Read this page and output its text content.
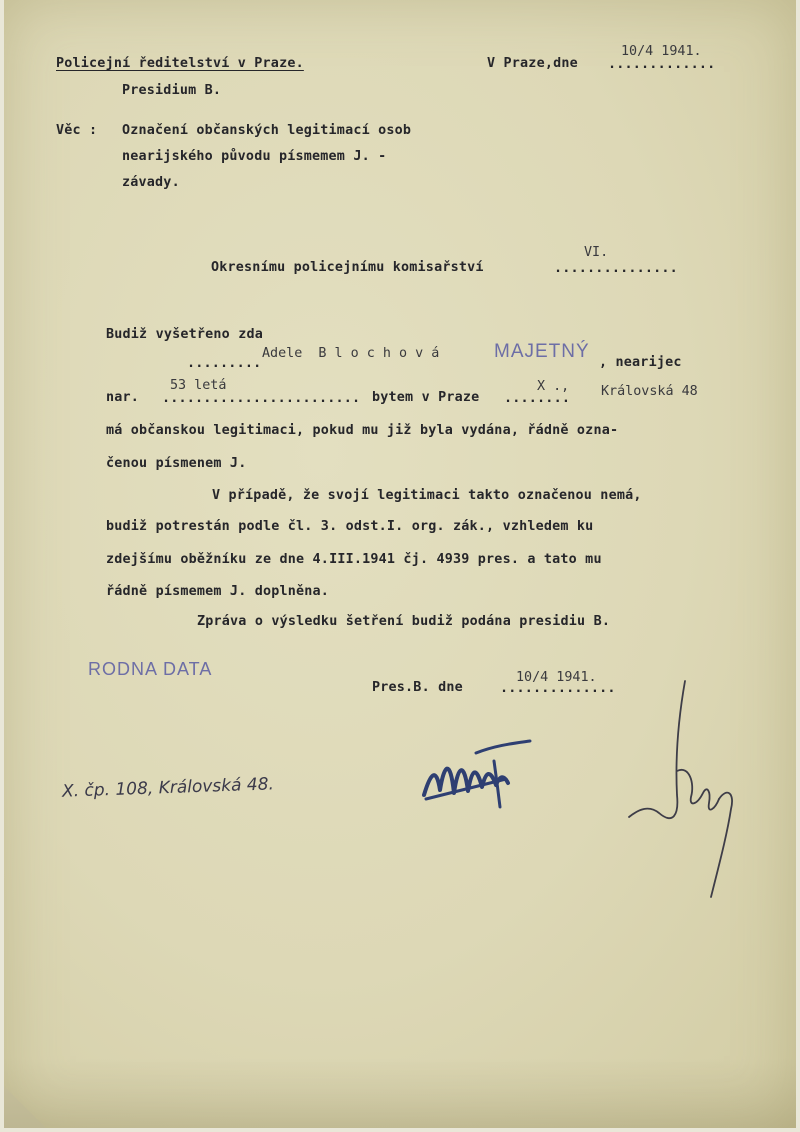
Policejní ředitelství v Praze.
Presidium B.
V Praze,dne .............
10/4 1941.
Věc : Označení občanských legitimací osob
nearijského původu písmemem J. -
závady.
VI.
Okresnímu policejnímu komisařství	...............
Budiž vyšetřeno zda
.........
Adele  B l o c h o v á	MAJETNÝ
, nearijec
nar. ........................
53 letá
bytem v Praze ........
X ., Královská 48
má občanskou legitimaci, pokud mu již byla vydána, řádně ozna-
čenou písmenem J.
V případě, že svojí legitimaci takto označenou nemá,
budiž potrestán podle čl. 3. odst.I. org. zák., vzhledem ku
zdejšímu oběžníku ze dne 4.III.1941 čj. 4939 pres. a tato mu
řádně písmemem J. doplněna.
Zpráva o výsledku šetření budiž podána presidiu B.
RODNA DATA
Pres.B. dne	..............
10/4 1941.
X. čp. 108, Královská 48.
